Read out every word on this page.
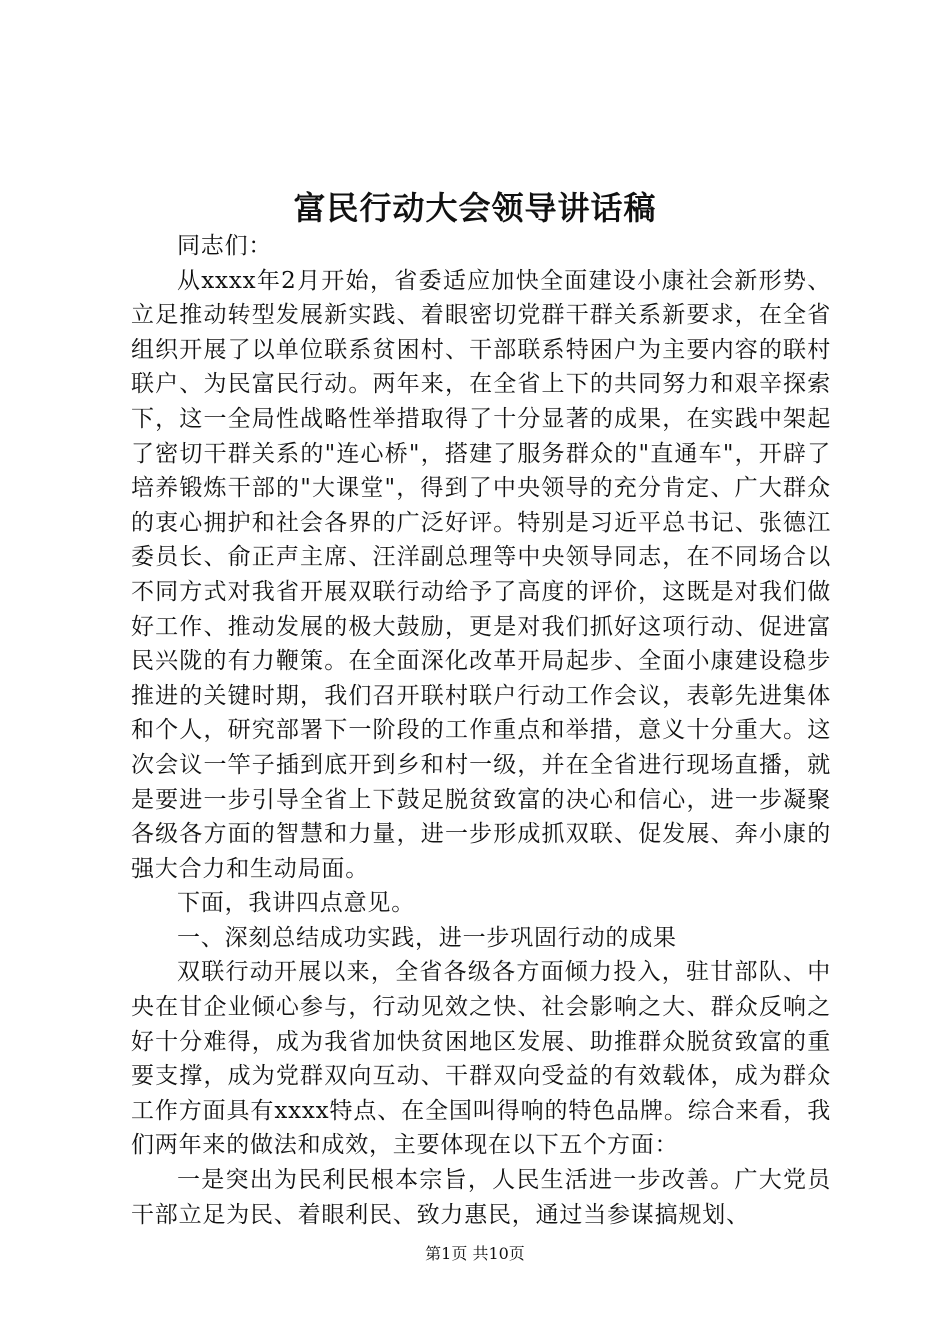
富民行动大会领导讲话稿

同志们：

从xxxx年2月开始，省委适应加快全面建设小康社会新形势、立足推动转型发展新实践、着眼密切党群干群关系新要求，在全省组织开展了以单位联系贫困村、干部联系特困户为主要内容的联村联户、为民富民行动。两年来，在全省上下的共同努力和艰辛探索下，这一全局性战略性举措取得了十分显著的成果，在实践中架起了密切干群关系的"连心桥"，搭建了服务群众的"直通车"，开辟了培养锻炼干部的"大课堂"，得到了中央领导的充分肯定、广大群众的衷心拥护和社会各界的广泛好评。特别是习近平总书记、张德江委员长、俞正声主席、汪洋副总理等中央领导同志，在不同场合以不同方式对我省开展双联行动给予了高度的评价，这既是对我们做好工作、推动发展的极大鼓励，更是对我们抓好这项行动、促进富民兴陇的有力鞭策。在全面深化改革开局起步、全面小康建设稳步推进的关键时期，我们召开联村联户行动工作会议，表彰先进集体和个人，研究部署下一阶段的工作重点和举措，意义十分重大。这次会议一竿子插到底开到乡和村一级，并在全省进行现场直播，就是要进一步引导全省上下鼓足脱贫致富的决心和信心，进一步凝聚各级各方面的智慧和力量，进一步形成抓双联、促发展、奔小康的强大合力和生动局面。

下面，我讲四点意见。

一、深刻总结成功实践，进一步巩固行动的成果

双联行动开展以来，全省各级各方面倾力投入，驻甘部队、中央在甘企业倾心参与，行动见效之快、社会影响之大、群众反响之好十分难得，成为我省加快贫困地区发展、助推群众脱贫致富的重要支撑，成为党群双向互动、干群双向受益的有效载体，成为群众工作方面具有xxxx特点、在全国叫得响的特色品牌。综合来看，我们两年来的做法和成效，主要体现在以下五个方面：

一是突出为民利民根本宗旨，人民生活进一步改善。广大党员干部立足为民、着眼利民、致力惠民，通过当参谋搞规划、

第1页 共10页
